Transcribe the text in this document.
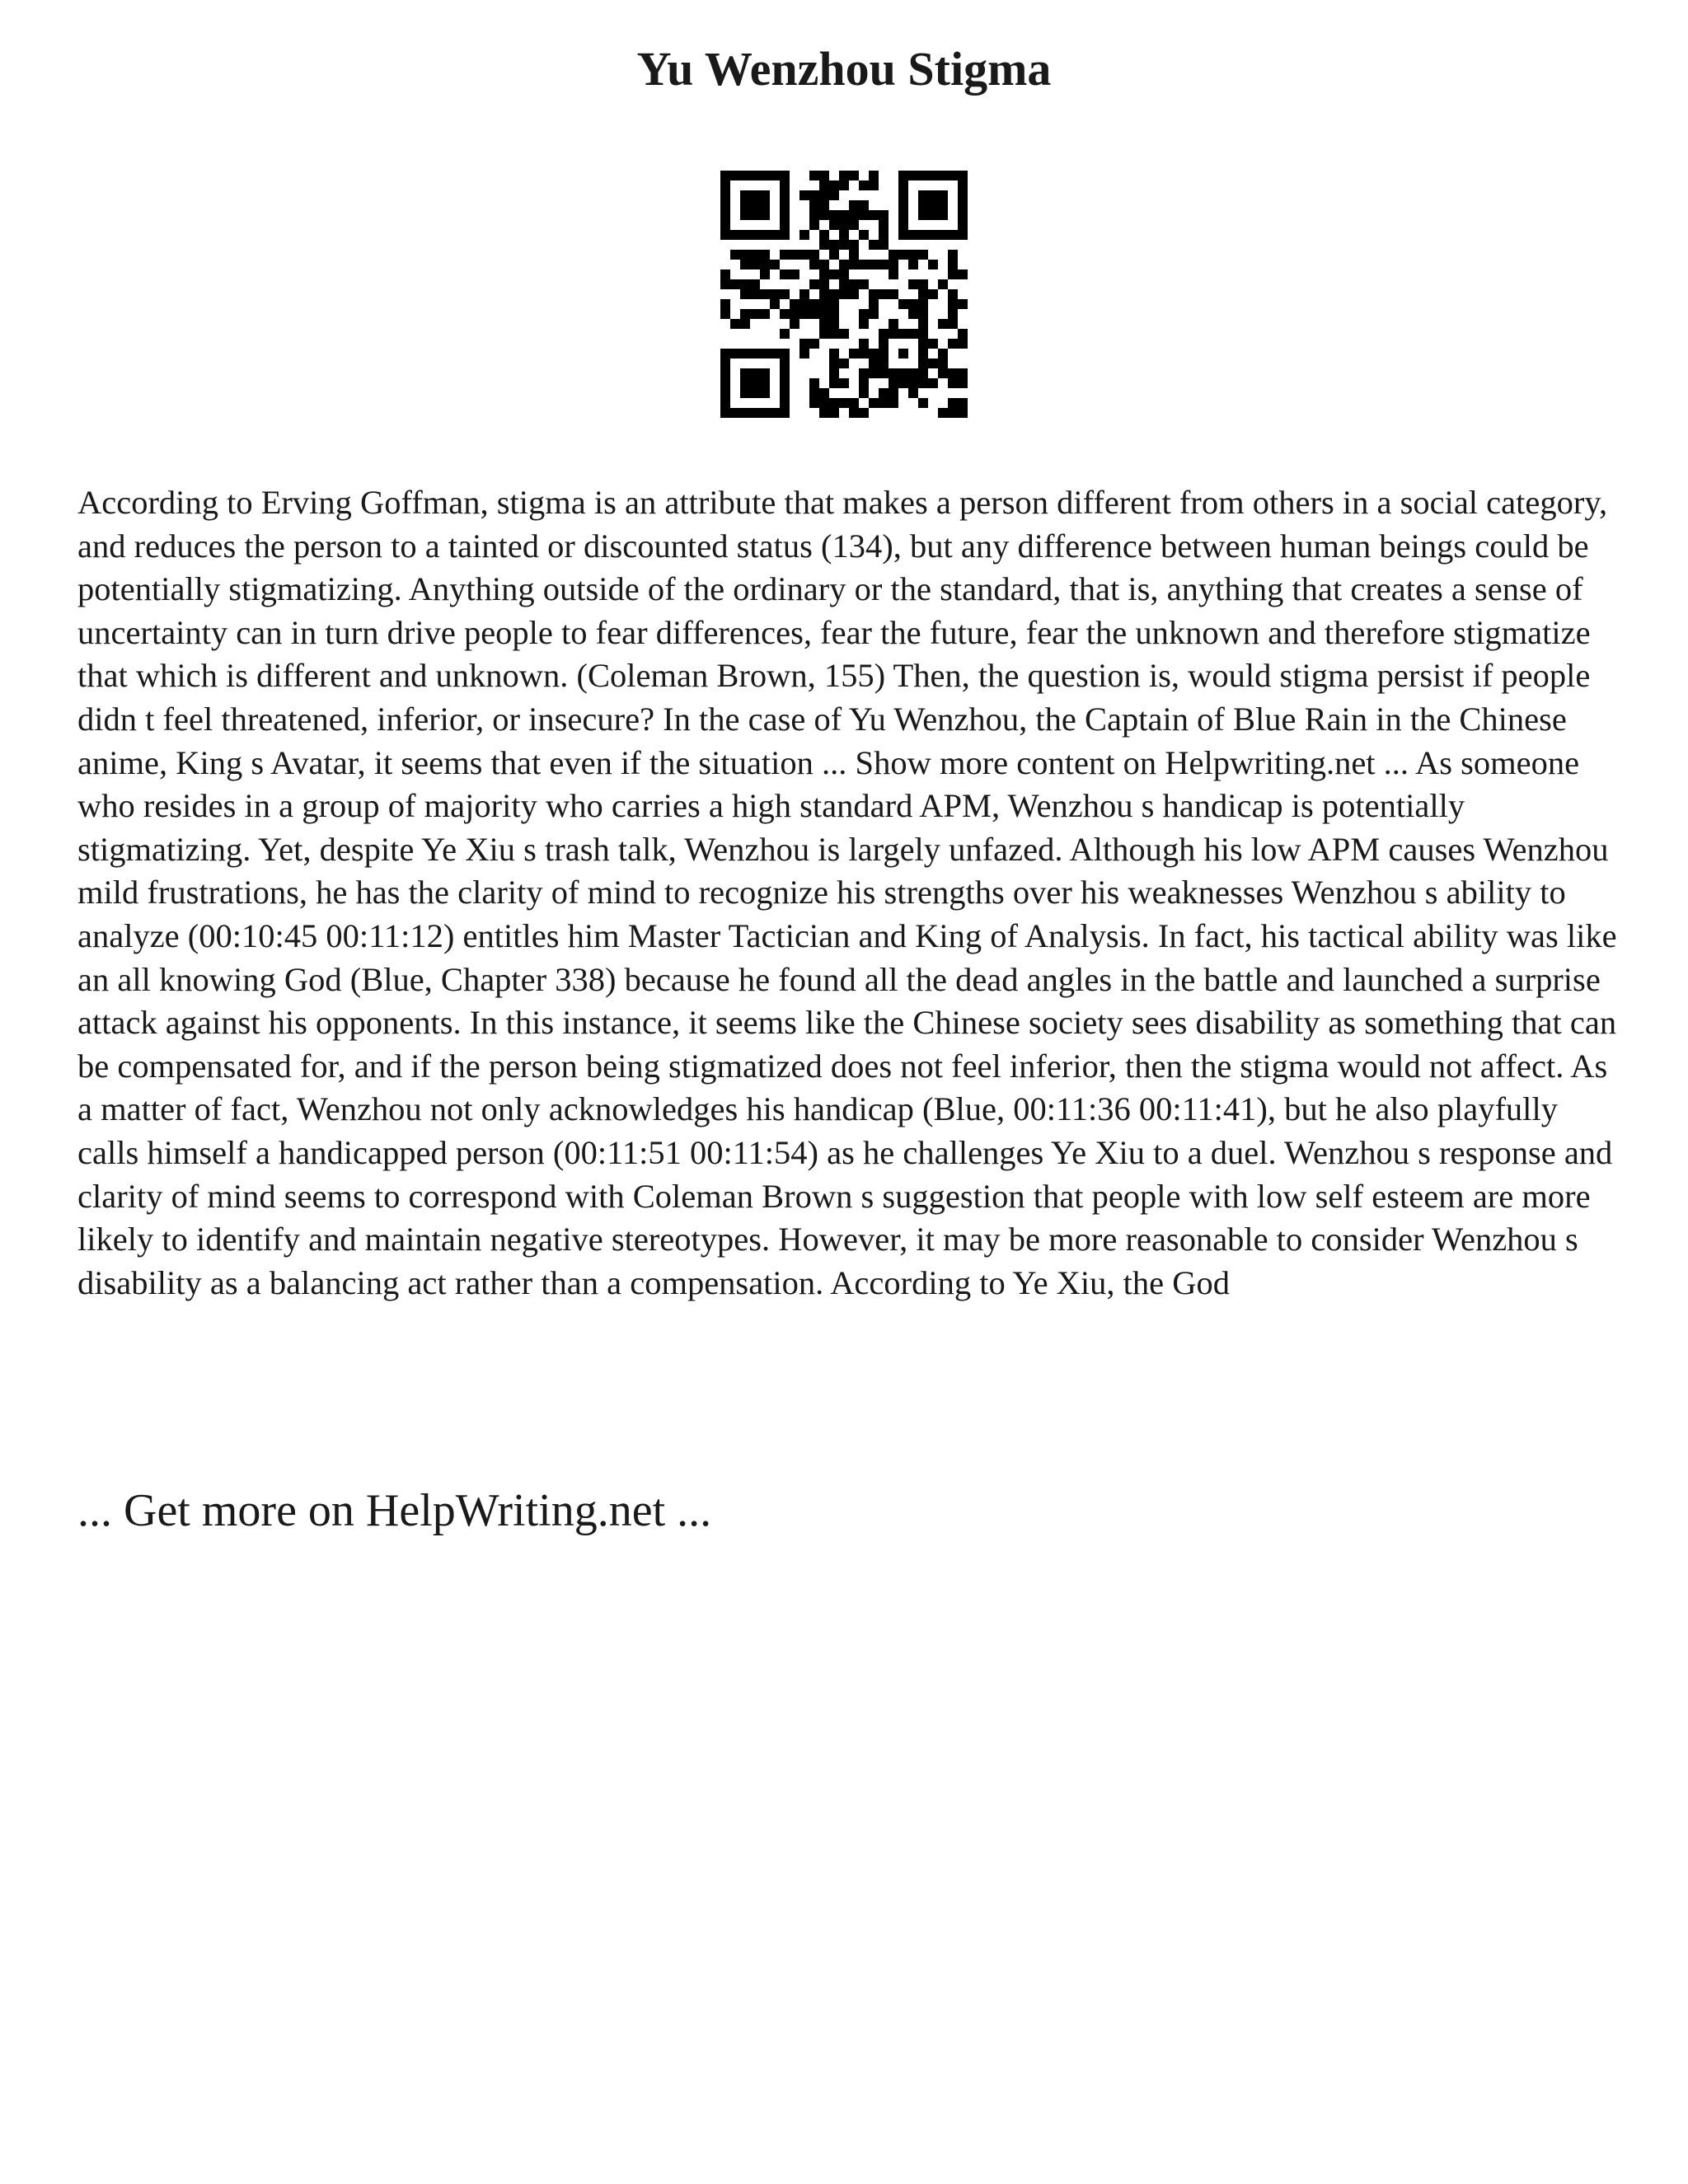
Yu Wenzhou Stigma

According to Erving Goffman, stigma is an attribute that makes a person different from others in a social category, and reduces the person to a tainted or discounted status (134), but any difference between human beings could be potentially stigmatizing. Anything outside of the ordinary or the standard, that is, anything that creates a sense of uncertainty can in turn drive people to fear differences, fear the future, fear the unknown and therefore stigmatize that which is different and unknown. (Coleman Brown, 155) Then, the question is, would stigma persist if people didn t feel threatened, inferior, or insecure? In the case of Yu Wenzhou, the Captain of Blue Rain in the Chinese anime, King s Avatar, it seems that even if the situation ... Show more content on Helpwriting.net ... As someone who resides in a group of majority who carries a high standard APM, Wenzhou s handicap is potentially stigmatizing. Yet, despite Ye Xiu s trash talk, Wenzhou is largely unfazed. Although his low APM causes Wenzhou mild frustrations, he has the clarity of mind to recognize his strengths over his weaknesses Wenzhou s ability to analyze (00:10:45 00:11:12) entitles him Master Tactician and King of Analysis. In fact, his tactical ability was like an all knowing God (Blue, Chapter 338) because he found all the dead angles in the battle and launched a surprise attack against his opponents. In this instance, it seems like the Chinese society sees disability as something that can be compensated for, and if the person being stigmatized does not feel inferior, then the stigma would not affect. As a matter of fact, Wenzhou not only acknowledges his handicap (Blue, 00:11:36 00:11:41), but he also playfully calls himself a handicapped person (00:11:51 00:11:54) as he challenges Ye Xiu to a duel. Wenzhou s response and clarity of mind seems to correspond with Coleman Brown s suggestion that people with low self esteem are more likely to identify and maintain negative stereotypes. However, it may be more reasonable to consider Wenzhou s disability as a balancing act rather than a compensation. According to Ye Xiu, the God

... Get more on HelpWriting.net ...
